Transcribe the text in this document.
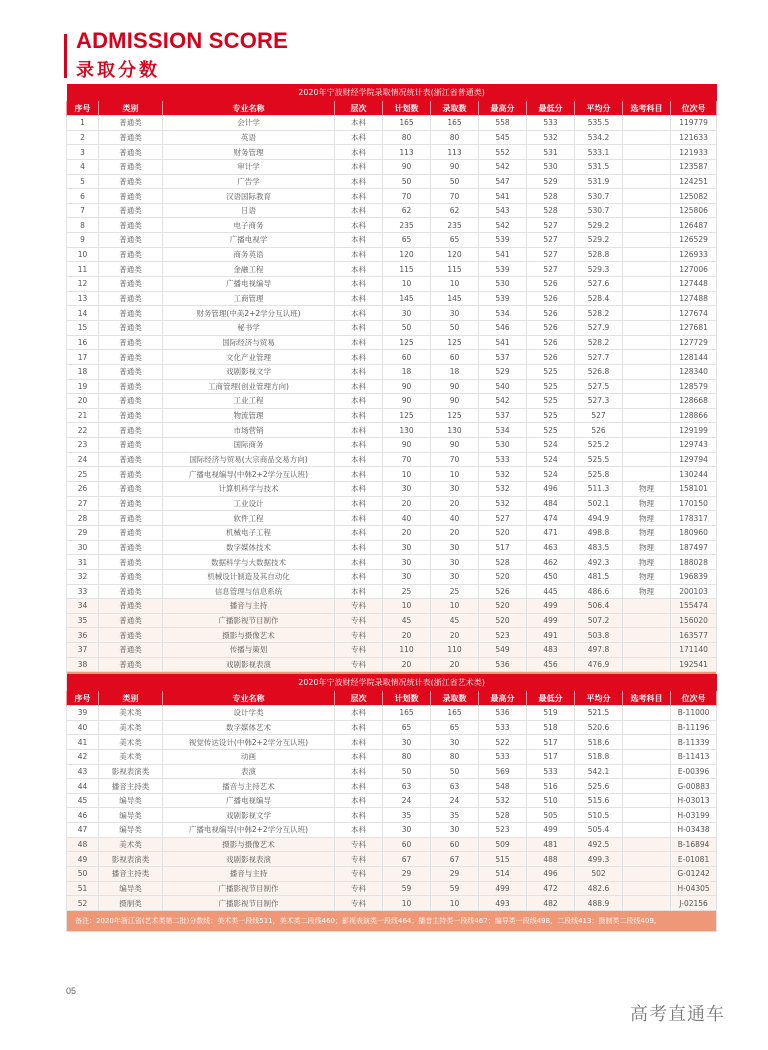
ADMISSION SCORE
录取分数
2020年宁波财经学院录取情况统计表(浙江省普通类)										
序号	类别	专业名称	层次	计划数	录取数	最高分	最低分	平均分	选考科目	位次号
1	普通类	会计学	本科	165	165	558	533	535.5		119779
2	普通类	英语	本科	80	80	545	532	534.2		121633
3	普通类	财务管理	本科	113	113	552	531	533.1		121933
4	普通类	审计学	本科	90	90	542	530	531.5		123587
5	普通类	广告学	本科	50	50	547	529	531.9		124251
6	普通类	汉语国际教育	本科	70	70	541	528	530.7		125082
7	普通类	日语	本科	62	62	543	528	530.7		125806
8	普通类	电子商务	本科	235	235	542	527	529.2		126487
9	普通类	广播电视学	本科	65	65	539	527	529.2		126529
10	普通类	商务英语	本科	120	120	541	527	528.8		126933
11	普通类	金融工程	本科	115	115	539	527	529.3		127006
12	普通类	广播电视编导	本科	10	10	530	526	527.6		127448
13	普通类	工商管理	本科	145	145	539	526	528.4		127488
14	普通类	财务管理(中美2+2学分互认班)	本科	30	30	534	526	528.2		127674
15	普通类	秘书学	本科	50	50	546	526	527.9		127681
16	普通类	国际经济与贸易	本科	125	125	541	526	528.2		127729
17	普通类	文化产业管理	本科	60	60	537	526	527.7		128144
18	普通类	戏剧影视文学	本科	18	18	529	525	526.8		128340
19	普通类	工商管理(创业管理方向)	本科	90	90	540	525	527.5		128579
20	普通类	工业工程	本科	90	90	542	525	527.3		128668
21	普通类	物流管理	本科	125	125	537	525	527		128866
22	普通类	市场营销	本科	130	130	534	525	526		129199
23	普通类	国际商务	本科	90	90	530	524	525.2		129743
24	普通类	国际经济与贸易(大宗商品交易方向)	本科	70	70	533	524	525.5		129794
25	普通类	广播电视编导(中韩2+2学分互认班)	本科	10	10	532	524	525.8		130244
26	普通类	计算机科学与技术	本科	30	30	532	496	511.3	物理	158101
27	普通类	工业设计	本科	20	20	532	484	502.1	物理	170150
28	普通类	软件工程	本科	40	40	527	474	494.9	物理	178317
29	普通类	机械电子工程	本科	20	20	520	471	498.8	物理	180960
30	普通类	数字媒体技术	本科	30	30	517	463	483.5	物理	187497
31	普通类	数据科学与大数据技术	本科	30	30	528	462	492.3	物理	188028
32	普通类	机械设计制造及其自动化	本科	30	30	520	450	481.5	物理	196839
33	普通类	信息管理与信息系统	本科	25	25	526	445	486.6	物理	200103
34	普通类	播音与主持	专科	10	10	520	499	506.4		155474
35	普通类	广播影视节目制作	专科	45	45	520	499	507.2		156020
36	普通类	摄影与摄像艺术	专科	20	20	523	491	503.8		163577
37	普通类	传播与策划	专科	110	110	549	483	497.8		171140
38	普通类	戏剧影视表演	专科	20	20	536	456	476.9		192541

2020年宁波财经学院录取情况统计表(浙江省艺术类)										
序号	类别	专业名称	层次	计划数	录取数	最高分	最低分	平均分	选考科目	位次号
39	美术类	设计学类	本科	165	165	536	519	521.5		B-11000
40	美术类	数字媒体艺术	本科	65	65	533	518	520.6		B-11196
41	美术类	视觉传达设计(中韩2+2学分互认班)	本科	30	30	522	517	518.6		B-11339
42	美术类	动画	本科	80	80	533	517	518.8		B-11413
43	影视表演类	表演	本科	50	50	569	533	542.1		E-00396
44	播音主持类	播音与主持艺术	本科	63	63	548	516	525.6		G-00883
45	编导类	广播电视编导	本科	24	24	532	510	515.6		H-03013
46	编导类	戏剧影视文学	本科	35	35	528	505	510.5		H-03199
47	编导类	广播电视编导(中韩2+2学分互认班)	本科	30	30	523	499	505.4		H-03438
48	美术类	摄影与摄像艺术	专科	60	60	509	481	492.5		B-16894
49	影视表演类	戏剧影视表演	专科	67	67	515	488	499.3		E-01081
50	播音主持类	播音与主持	专科	29	29	514	496	502		G-01242
51	编导类	广播影视节目制作	专科	59	59	499	472	482.6		H-04305
52	摄制类	广播影视节目制作	专科	10	10	493	482	488.9		J-02156
备注：2020年浙江省(艺术类第二批)分数线：美术类一段线511，美术类二段线460；影视表演类一段线464；播音主持类一段线467；编导类一段线498，二段线413；摄制类二段线409。										
05
高考直通车
